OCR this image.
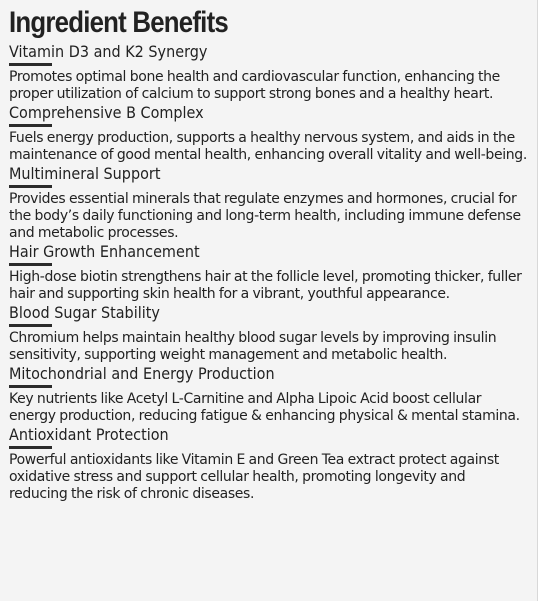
Ingredient Benefits
Vitamin D3 and K2 Synergy

Promotes optimal bone health and cardiovascular function, enhancing the proper utilization of calcium to support strong bones and a healthy heart.

Comprehensive B Complex

Fuels energy production, supports a healthy nervous system, and aids in the maintenance of good mental health, enhancing overall vitality and well-being.

Multimineral Support

Provides essential minerals that regulate enzymes and hormones, crucial for the body’s daily functioning and long-term health, including immune defense and metabolic processes.

Hair Growth Enhancement

High-dose biotin strengthens hair at the follicle level, promoting thicker, fuller hair and supporting skin health for a vibrant, youthful appearance.

Blood Sugar Stability

Chromium helps maintain healthy blood sugar levels by improving insulin sensitivity, supporting weight management and metabolic health.

Mitochondrial and Energy Production

Key nutrients like Acetyl L-Carnitine and Alpha Lipoic Acid boost cellular energy production, reducing fatigue & enhancing physical & mental stamina.

Antioxidant Protection

Powerful antioxidants like Vitamin E and Green Tea extract protect against oxidative stress and support cellular health, promoting longevity and reducing the risk of chronic diseases.
